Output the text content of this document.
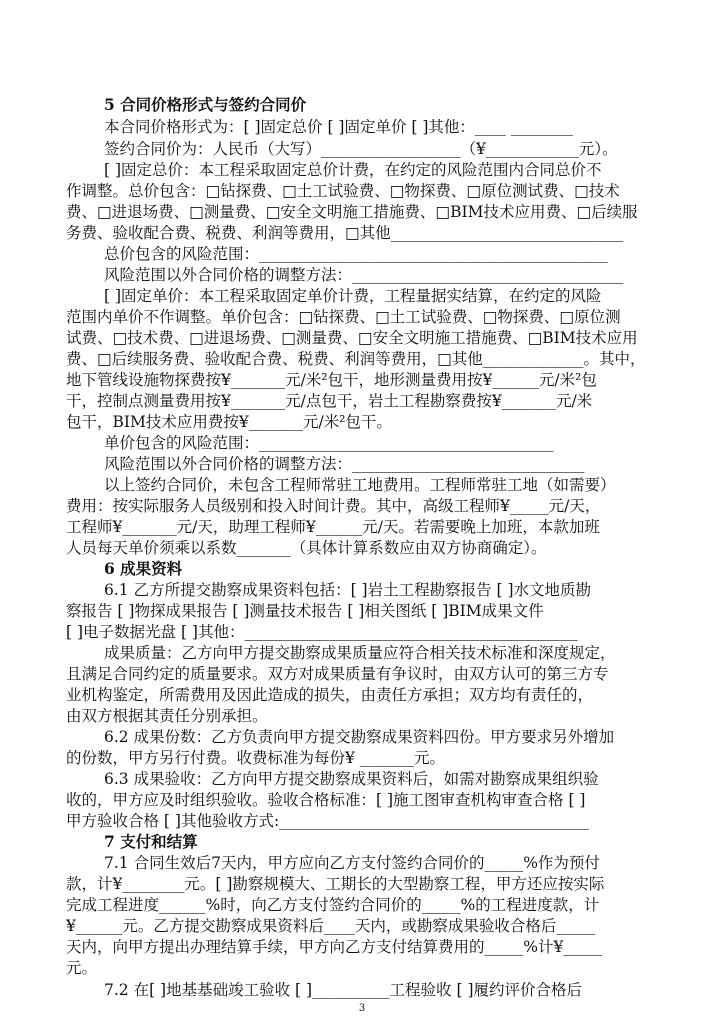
5 合同价格形式与签约合同价
本合同价格形式为：[ ]固定总价 [ ]固定单价 [ ]其他：____ ________
签约合同价为：人民币（大写）__________________（¥____________元）。
[ ]固定总价：本工程采取固定总价计费，在约定的风险范围内合同总价不
作调整。总价包含：□钻探费、□土工试验费、□物探费、□原位测试费、□技术
费、□进退场费、□测量费、□安全文明施工措施费、□BIM技术应用费、□后续服
务费、验收配合费、税费、利润等费用，□其他______________________________
总价包含的风险范围：_____________________________________________
风险范围以外合同价格的调整方法：___________________________________
[ ]固定单价：本工程采取固定单价计费，工程量据实结算，在约定的风险
范围内单价不作调整。单价包含：□钻探费、□土工试验费、□物探费、□原位测
试费、□技术费、□进退场费、□测量费、□安全文明施工措施费、□BIM技术应用
费、□后续服务费、验收配合费、税费、利润等费用，□其他_____________。其中，
地下管线设施物探费按¥_______元/米²包干，地形测量费用按¥______元/米²包
干，控制点测量费用按¥_______元/点包干，岩土工程勘察费按¥_______元/米
包干，BIM技术应用费按¥_______元/米²包干。
单价包含的风险范围：______________________________________
风险范围以外合同价格的调整方法：______________________________
以上签约合同价，未包含工程师常驻工地费用。工程师常驻工地（如需要）
费用：按实际服务人员级别和投入时间计费。其中，高级工程师¥_____元/天，
工程师¥_______元/天，助理工程师¥______元/天。若需要晚上加班，本款加班
人员每天单价须乘以系数_______（具体计算系数应由双方协商确定）。
6 成果资料
6.1 乙方所提交勘察成果资料包括：[ ]岩土工程勘察报告 [ ]水文地质勘
察报告 [ ]物探成果报告 [ ]测量技术报告 [ ]相关图纸 [ ]BIM成果文件
[ ]电子数据光盘 [ ]其他：___________________________________________
成果质量：乙方向甲方提交勘察成果质量应符合相关技术标准和深度规定，
且满足合同约定的质量要求。双方对成果质量有争议时，由双方认可的第三方专
业机构鉴定，所需费用及因此造成的损失，由责任方承担；双方均有责任的，
由双方根据其责任分别承担。
6.2 成果份数：乙方负责向甲方提交勘察成果资料四份。甲方要求另外增加
的份数，甲方另行付费。收费标准为每份¥ _______元。
6.3 成果验收：乙方向甲方提交勘察成果资料后，如需对勘察成果组织验
收的，甲方应及时组织验收。验收合格标准：[ ]施工图审查机构审查合格 [ ]
甲方验收合格 [ ]其他验收方式:________________________________________
7 支付和结算
7.1 合同生效后7天内，甲方应向乙方支付签约合同价的_____%作为预付
款，计¥________元。[ ]勘察规模大、工期长的大型勘察工程，甲方还应按实际
完成工程进度______%时，向乙方支付签约合同价的_____%的工程进度款，计
¥______元。乙方提交勘察成果资料后____天内，或勘察成果验收合格后_____
天内，向甲方提出办理结算手续，甲方向乙方支付结算费用的_____%计¥_____
元。
7.2 在[ ]地基基础竣工验收 [ ]__________工程验收 [ ]履约评价合格后
3
